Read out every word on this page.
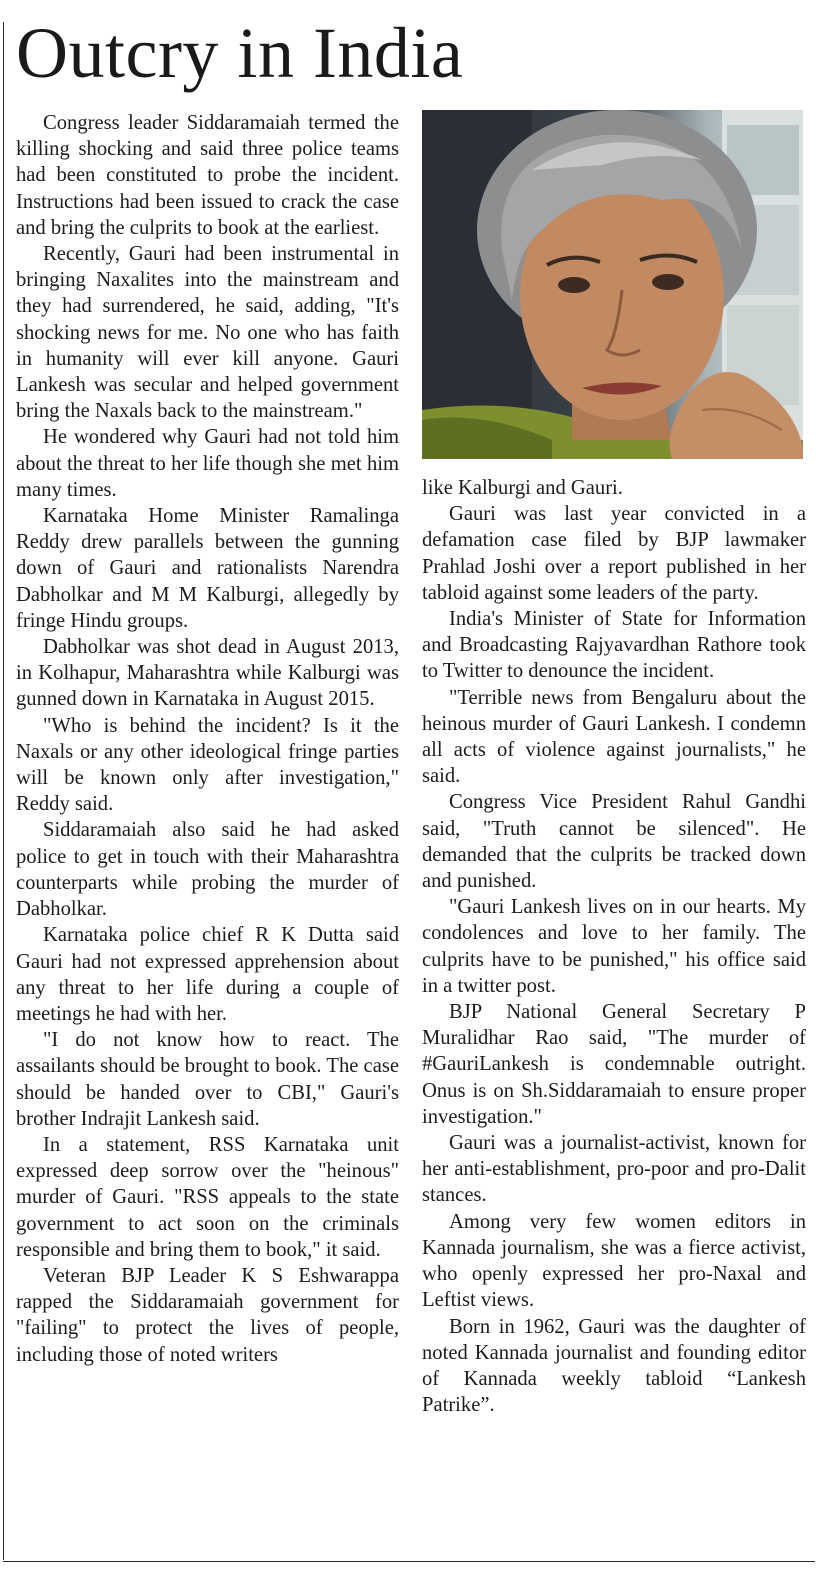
Outcry in India

Congress leader Siddaramaiah termed the killing shocking and said three police teams had been constituted to probe the incident. Instructions had been issued to crack the case and bring the culprits to book at the earliest.

Recently, Gauri had been instrumental in bringing Naxalites into the mainstream and they had surrendered, he said, adding, "It's shocking news for me. No one who has faith in humanity will ever kill anyone. Gauri Lankesh was secular and helped government bring the Naxals back to the mainstream."

He wondered why Gauri had not told him about the threat to her life though she met him many times.

Karnataka Home Minister Ramalinga Reddy drew parallels between the gunning down of Gauri and rationalists Narendra Dabholkar and M M Kalburgi, allegedly by fringe Hindu groups.

Dabholkar was shot dead in August 2013, in Kolhapur, Maharashtra while Kalburgi was gunned down in Karnataka in August 2015.

"Who is behind the incident? Is it the Naxals or any other ideological fringe parties will be known only after investigation," Reddy said.

Siddaramaiah also said he had asked police to get in touch with their Maharashtra counterparts while probing the murder of Dabholkar.

Karnataka police chief R K Dutta said Gauri had not expressed apprehension about any threat to her life during a couple of meetings he had with her.

"I do not know how to react. The assailants should be brought to book. The case should be handed over to CBI," Gauri's brother Indrajit Lankesh said.

In a statement, RSS Karnataka unit expressed deep sorrow over the "heinous" murder of Gauri. "RSS appeals to the state government to act soon on the criminals responsible and bring them to book," it said.

Veteran BJP Leader K S Eshwarappa rapped the Siddaramaiah government for "failing" to protect the lives of people, including those of noted writers

like Kalburgi and Gauri.

Gauri was last year convicted in a defamation case filed by BJP lawmaker Prahlad Joshi over a report published in her tabloid against some leaders of the party.

India's Minister of State for Information and Broadcasting Rajyavardhan Rathore took to Twitter to denounce the incident.

"Terrible news from Bengaluru about the heinous murder of Gauri Lankesh. I condemn all acts of violence against journalists," he said.

Congress Vice President Rahul Gandhi said, "Truth cannot be silenced". He demanded that the culprits be tracked down and punished.

"Gauri Lankesh lives on in our hearts. My condolences and love to her family. The culprits have to be punished," his office said in a twitter post.

BJP National General Secretary P Muralidhar Rao said, "The murder of #GauriLankesh is condemnable outright. Onus is on Sh.Siddaramaiah to ensure proper investigation."

Gauri was a journalist-activist, known for her anti-establishment, pro-poor and pro-Dalit stances.

Among very few women editors in Kannada journalism, she was a fierce activist, who openly expressed her pro-Naxal and Leftist views.

Born in 1962, Gauri was the daughter of noted Kannada journalist and founding editor of Kannada weekly tabloid “Lankesh Patrike”.
